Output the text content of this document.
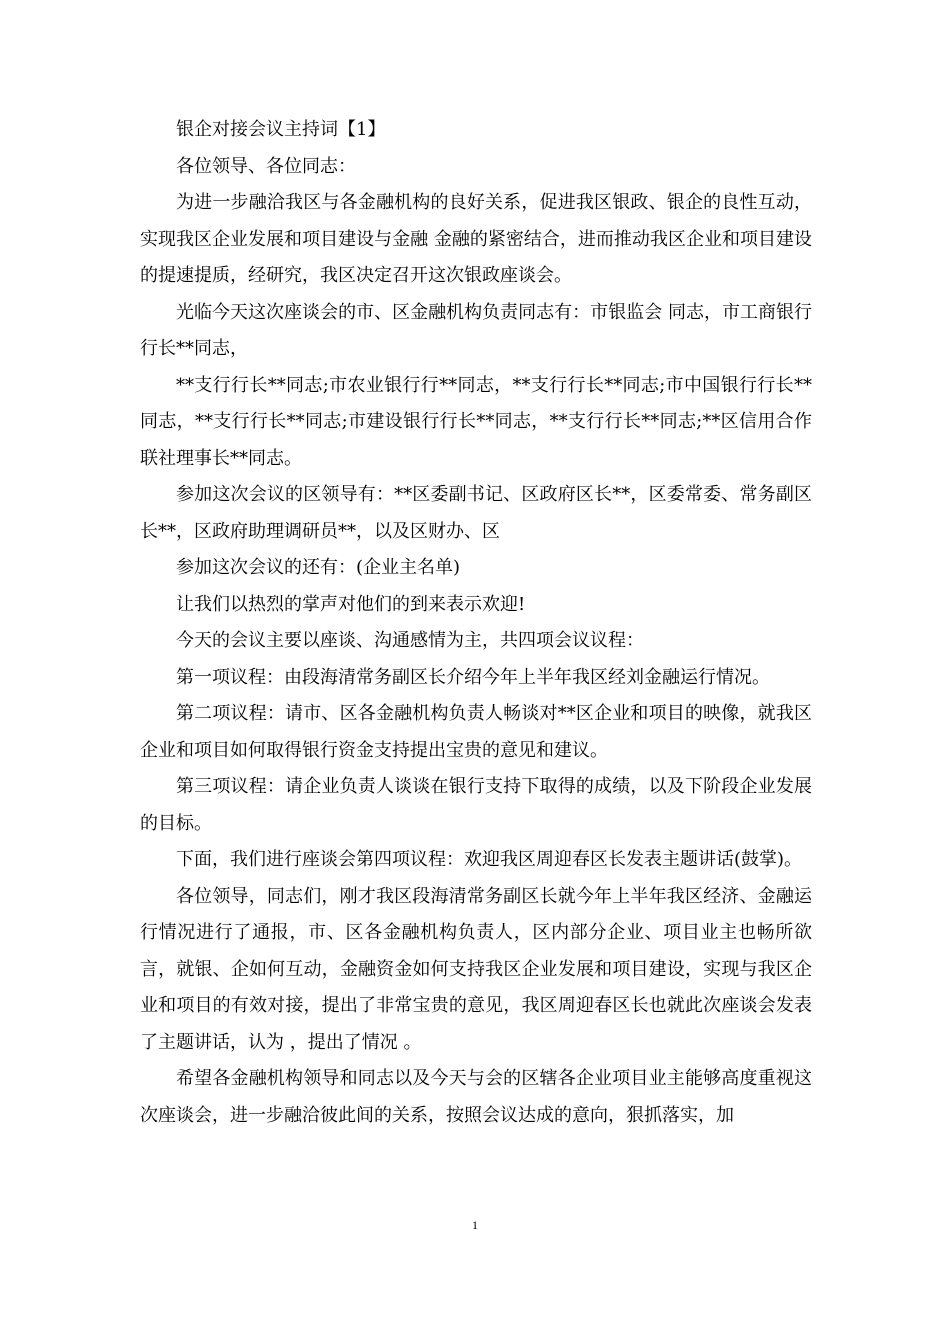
银企对接会议主持词【1】

各位领导、各位同志：

为进一步融洽我区与各金融机构的良好关系，促进我区银政、银企的良性互动，实现我区企业发展和项目建设与金融 金融的紧密结合，进而推动我区企业和项目建设的提速提质，经研究，我区决定召开这次银政座谈会。

光临今天这次座谈会的市、区金融机构负责同志有：市银监会 同志，市工商银行行长**同志，

**支行行长**同志;市农业银行行**同志，**支行行长**同志;市中国银行行长**同志，**支行行长**同志;市建设银行行长**同志，**支行行长**同志;**区信用合作联社理事长**同志。

参加这次会议的区领导有：**区委副书记、区政府区长**，区委常委、常务副区长**，区政府助理调研员**，以及区财办、区

参加这次会议的还有：(企业主名单)

让我们以热烈的掌声对他们的到来表示欢迎!

今天的会议主要以座谈、沟通感情为主，共四项会议议程：

第一项议程：由段海清常务副区长介绍今年上半年我区经刘金融运行情况。

第二项议程：请市、区各金融机构负责人畅谈对**区企业和项目的映像，就我区企业和项目如何取得银行资金支持提出宝贵的意见和建议。

第三项议程：请企业负责人谈谈在银行支持下取得的成绩，以及下阶段企业发展的目标。

下面，我们进行座谈会第四项议程：欢迎我区周迎春区长发表主题讲话(鼓掌)。

各位领导，同志们，刚才我区段海清常务副区长就今年上半年我区经济、金融运行情况进行了通报，市、区各金融机构负责人，区内部分企业、项目业主也畅所欲言，就银、企如何互动，金融资金如何支持我区企业发展和项目建设，实现与我区企业和项目的有效对接，提出了非常宝贵的意见，我区周迎春区长也就此次座谈会发表了主题讲话，认为 ，提出了情况 。

希望各金融机构领导和同志以及今天与会的区辖各企业项目业主能够高度重视这次座谈会，进一步融洽彼此间的关系，按照会议达成的意向，狠抓落实，加

1
